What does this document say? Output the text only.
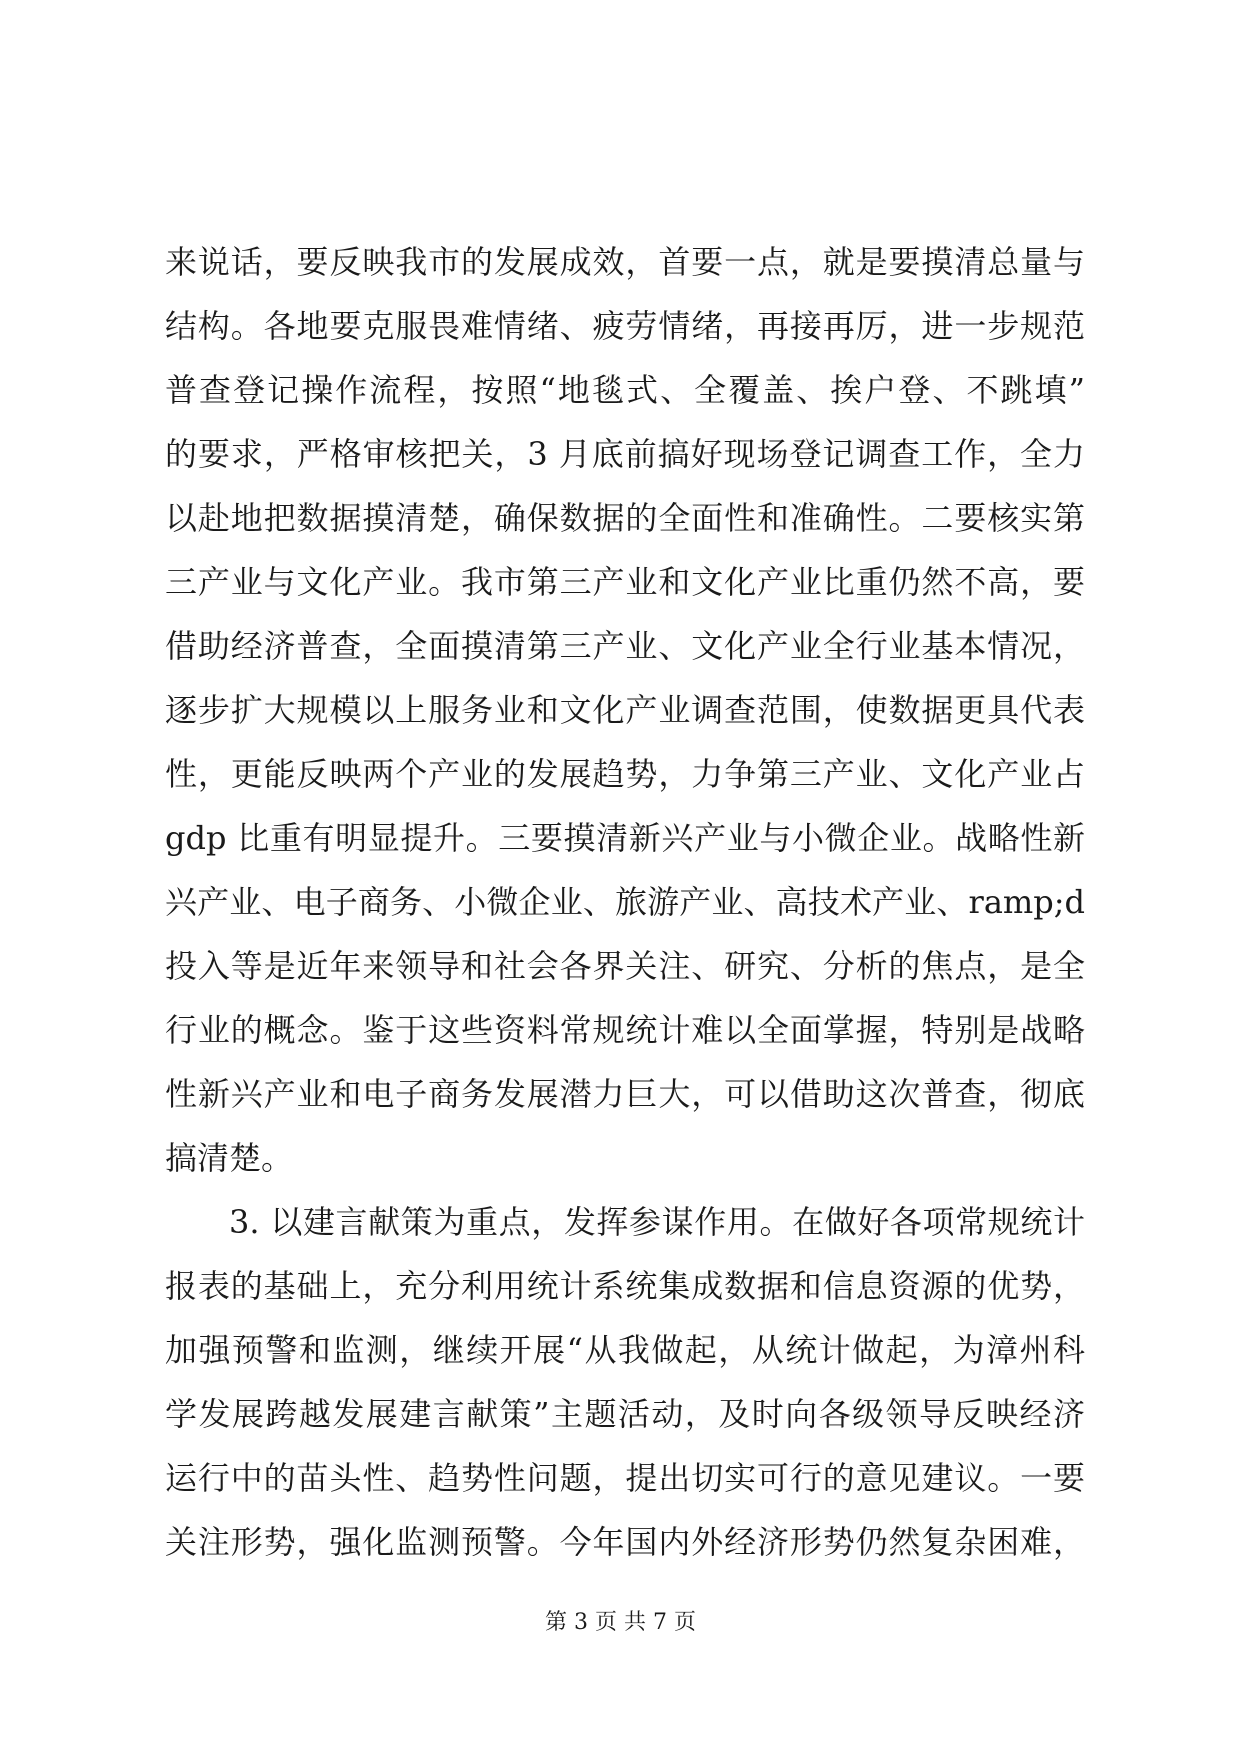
来说话，要反映我市的发展成效，首要一点，就是要摸清总量与
结构。各地要克服畏难情绪、疲劳情绪，再接再厉，进一步规范
普查登记操作流程，按照“地毯式、全覆盖、挨户登、不跳填”
的要求，严格审核把关，3 月底前搞好现场登记调查工作，全力
以赴地把数据摸清楚，确保数据的全面性和准确性。二要核实第
三产业与文化产业。我市第三产业和文化产业比重仍然不高，要
借助经济普查，全面摸清第三产业、文化产业全行业基本情况，
逐步扩大规模以上服务业和文化产业调查范围，使数据更具代表
性，更能反映两个产业的发展趋势，力争第三产业、文化产业占
gdp 比重有明显提升。三要摸清新兴产业与小微企业。战略性新
兴产业、电子商务、小微企业、旅游产业、高技术产业、ramp;d
投入等是近年来领导和社会各界关注、研究、分析的焦点，是全
行业的概念。鉴于这些资料常规统计难以全面掌握，特别是战略
性新兴产业和电子商务发展潜力巨大，可以借助这次普查，彻底
搞清楚。
3. 以建言献策为重点，发挥参谋作用。在做好各项常规统计
报表的基础上，充分利用统计系统集成数据和信息资源的优势，
加强预警和监测，继续开展“从我做起，从统计做起，为漳州科
学发展跨越发展建言献策”主题活动，及时向各级领导反映经济
运行中的苗头性、趋势性问题，提出切实可行的意见建议。一要
关注形势，强化监测预警。今年国内外经济形势仍然复杂困难，
第 3 页 共 7 页
